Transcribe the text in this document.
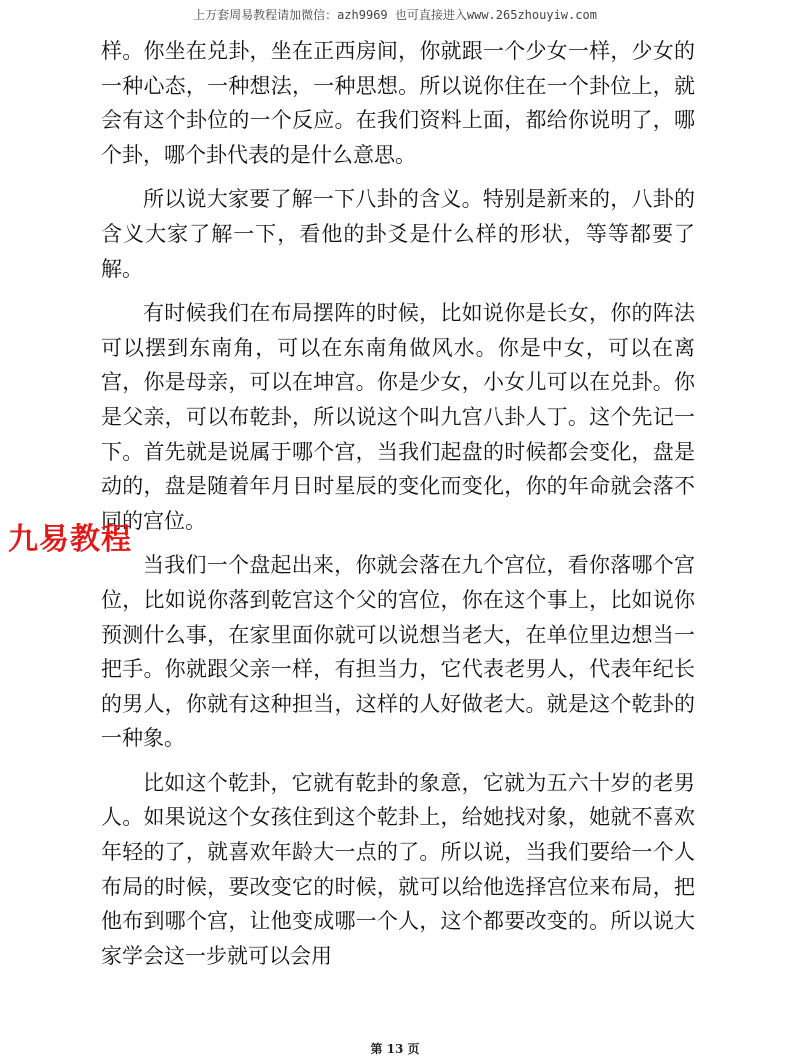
上万套周易教程请加微信：azh9969 也可直接进入www.265zhouyiw.com

样。你坐在兑卦，坐在正西房间，你就跟一个少女一样，少女的一种心态，一种想法，一种思想。所以说你住在一个卦位上，就会有这个卦位的一个反应。在我们资料上面，都给你说明了，哪个卦，哪个卦代表的是什么意思。

所以说大家要了解一下八卦的含义。特别是新来的，八卦的含义大家了解一下，看他的卦爻是什么样的形状，等等都要了解。

有时候我们在布局摆阵的时候，比如说你是长女，你的阵法可以摆到东南角，可以在东南角做风水。你是中女，可以在离宫，你是母亲，可以在坤宫。你是少女，小女儿可以在兑卦。你是父亲，可以布乾卦，所以说这个叫九宫八卦人丁。这个先记一下。首先就是说属于哪个宫，当我们起盘的时候都会变化，盘是动的，盘是随着年月日时星辰的变化而变化，你的年命就会落不同的宫位。

当我们一个盘起出来，你就会落在九个宫位，看你落哪个宫位，比如说你落到乾宫这个父的宫位，你在这个事上，比如说你预测什么事，在家里面你就可以说想当老大，在单位里边想当一把手。你就跟父亲一样，有担当力，它代表老男人，代表年纪长的男人，你就有这种担当，这样的人好做老大。就是这个乾卦的一种象。

比如这个乾卦，它就有乾卦的象意，它就为五六十岁的老男人。如果说这个女孩住到这个乾卦上，给她找对象，她就不喜欢年轻的了，就喜欢年龄大一点的了。所以说，当我们要给一个人布局的时候，要改变它的时候，就可以给他选择宫位来布局，把他布到哪个宫，让他变成哪一个人，这个都要改变的。所以说大家学会这一步就可以会用

九易教程
第 13 页
